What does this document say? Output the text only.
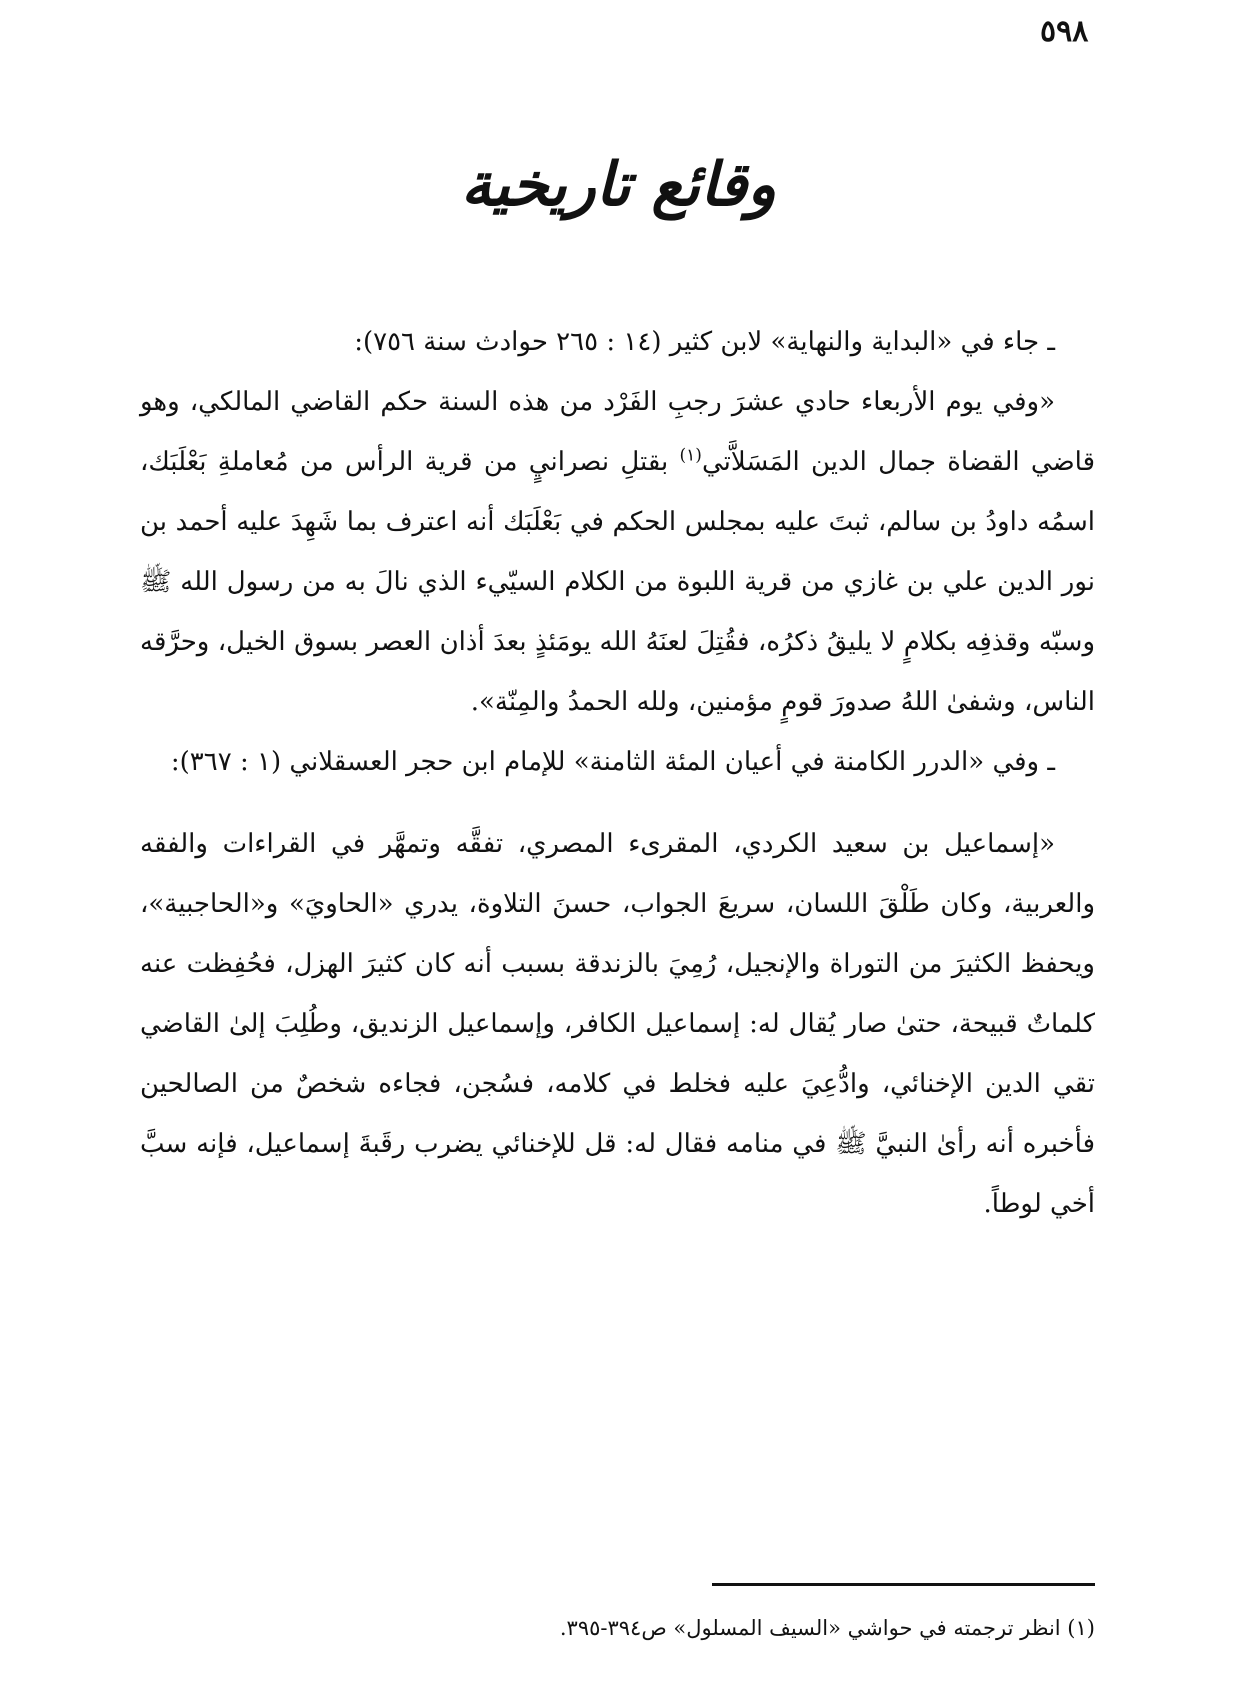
٥٩٨
وقائع تاريخية

ـ جاء في «البداية والنهاية» لابن كثير (١٤ : ٢٦٥ حوادث سنة ٧٥٦):

«وفي يوم الأربعاء حادي عشرَ رجبِ الفَرْد من هذه السنة حكم القاضي المالكي، وهو قاضي القضاة جمال الدين المَسَلاَّتي$^{(١)}$ بقتلِ نصرانيٍ من قرية الرأس من مُعاملةِ بَعْلَبَك، اسمُه داودُ بن سالم، ثبتَ عليه بمجلس الحكم في بَعْلَبَك أنه اعترف بما شَهِدَ عليه أحمد بن نور الدين علي بن غازي من قرية اللبوة من الكلام السيّيء الذي نالَ به من رسول الله ﷺ وسبّه وقذفِه بكلامٍ لا يليقُ ذكرُه، فقُتِلَ لعنَهُ الله يومَئذٍ بعدَ أذان العصر بسوق الخيل، وحرَّقه الناس، وشفىٰ اللهُ صدورَ قومٍ مؤمنين، ولله الحمدُ والمِنّة».

ـ وفي «الدرر الكامنة في أعيان المئة الثامنة» للإمام ابن حجر العسقلاني (١ : ٣٦٧):

«إسماعيل بن سعيد الكردي، المقرىء المصري، تفقَّه وتمهَّر في القراءات والفقه والعربية، وكان طَلْقَ اللسان، سريعَ الجواب، حسنَ التلاوة، يدري «الحاويَ» و«الحاجبية»، ويحفظ الكثيرَ من التوراة والإنجيل، رُمِيَ بالزندقة بسبب أنه كان كثيرَ الهزل، فحُفِظت عنه كلماتٌ قبيحة، حتىٰ صار يُقال له: إسماعيل الكافر، وإسماعيل الزنديق، وطُلِبَ إلىٰ القاضي تقي الدين الإخنائي، وادُّعِيَ عليه فخلط في كلامه، فسُجن، فجاءه شخصٌ من الصالحين فأخبره أنه رأىٰ النبيَّ ﷺ في منامه فقال له: قل للإخنائي يضرب رقَبةَ إسماعيل، فإنه سبَّ أخي لوطاً.

(١) انظر ترجمته في حواشي «السيف المسلول» ص٣٩٤-٣٩٥.
